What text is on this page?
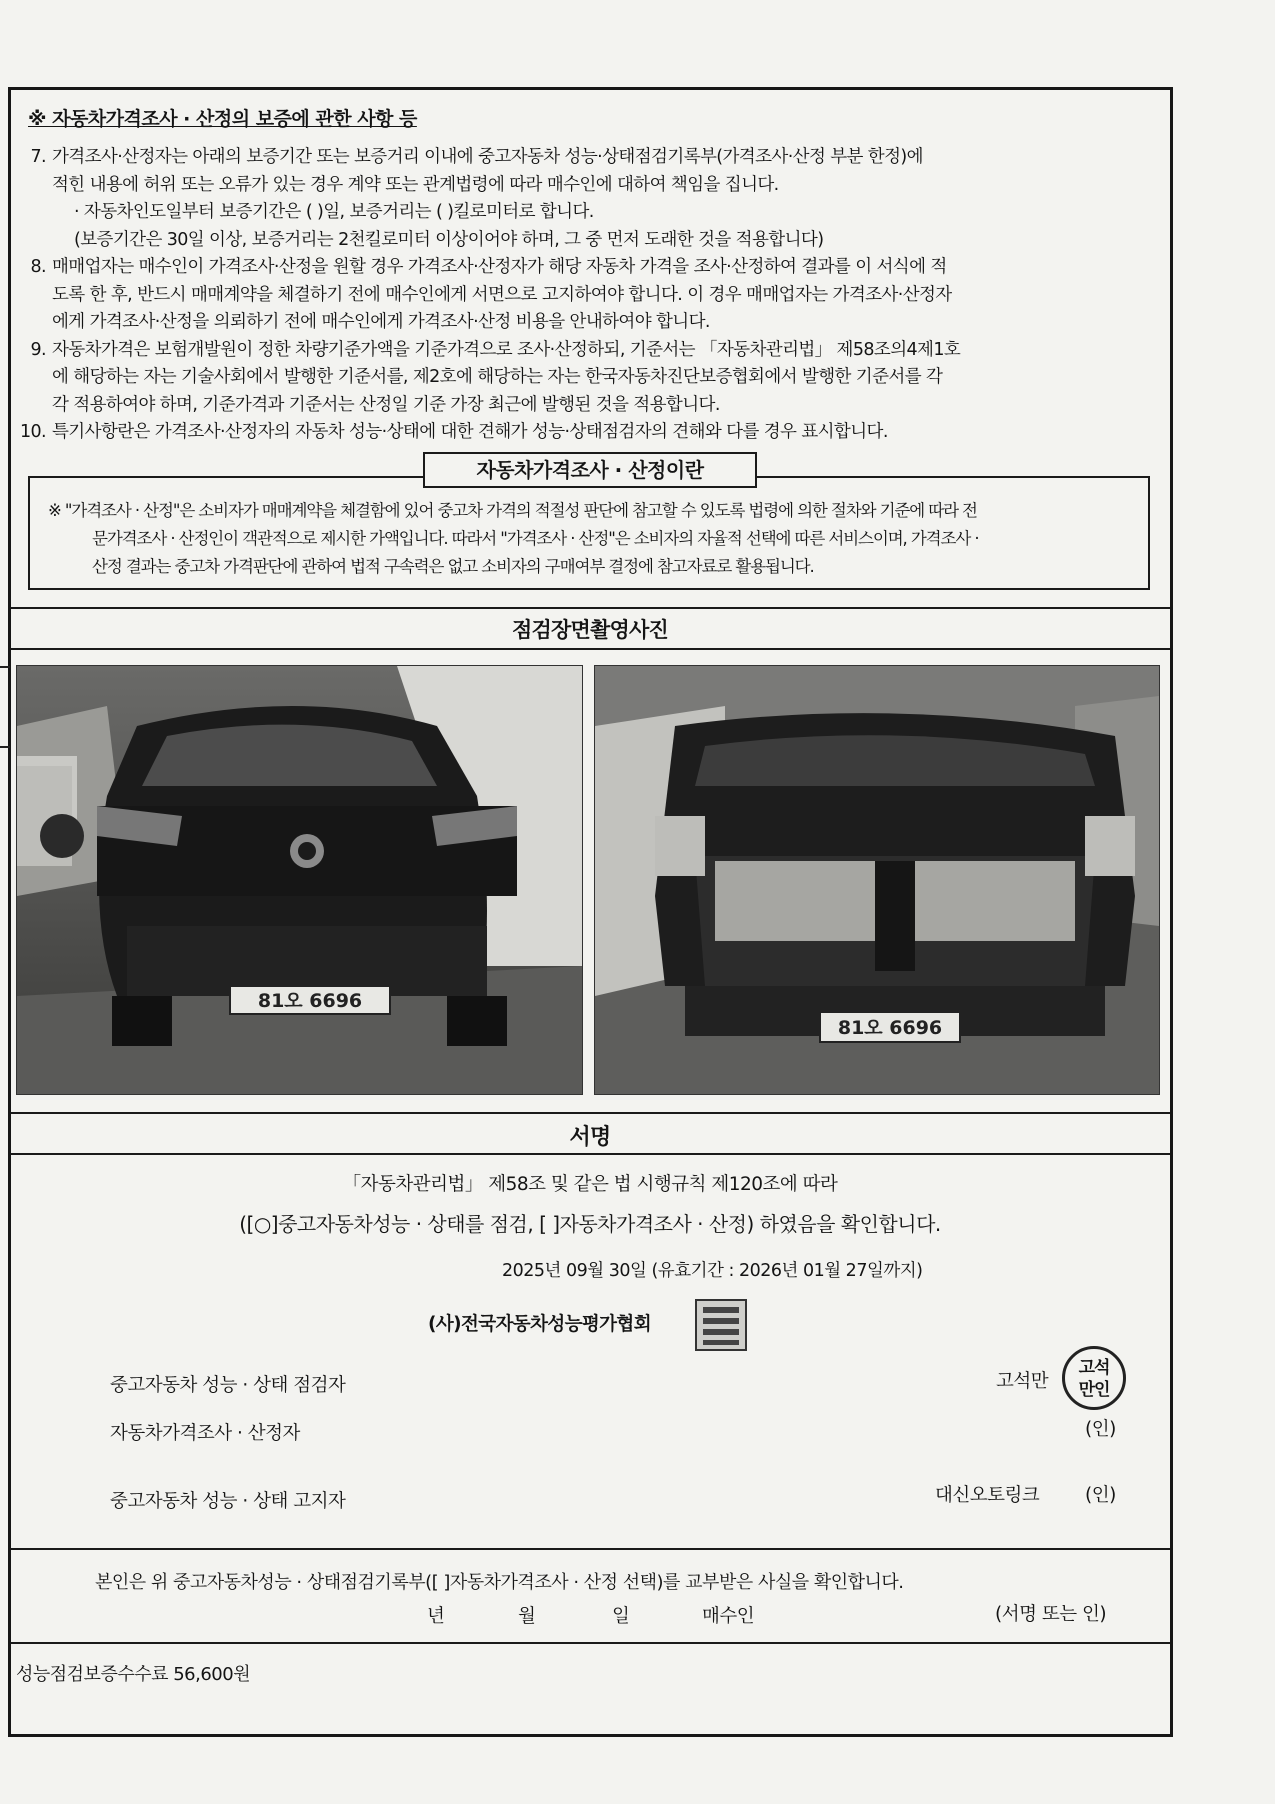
※ 자동차가격조사 · 산정의 보증에 관한 사항 등
7. 가격조사·산정자는 아래의 보증기간 또는 보증거리 이내에 중고자동차 성능·상태점검기록부(가격조사·산정 부분 한정)에
적힌 내용에 허위 또는 오류가 있는 경우 계약 또는 관계법령에 따라 매수인에 대하여 책임을 집니다.
· 자동차인도일부터 보증기간은 ( )일, 보증거리는 ( )킬로미터로 합니다.
(보증기간은 30일 이상, 보증거리는 2천킬로미터 이상이어야 하며, 그 중 먼저 도래한 것을 적용합니다)
8. 매매업자는 매수인이 가격조사·산정을 원할 경우 가격조사·산정자가 해당 자동차 가격을 조사·산정하여 결과를 이 서식에 적
도록 한 후, 반드시 매매계약을 체결하기 전에 매수인에게 서면으로 고지하여야 합니다. 이 경우 매매업자는 가격조사·산정자
에게 가격조사·산정을 의뢰하기 전에 매수인에게 가격조사·산정 비용을 안내하여야 합니다.
9. 자동차가격은 보험개발원이 정한 차량기준가액을 기준가격으로 조사·산정하되, 기준서는 「자동차관리법」 제58조의4제1호
에 해당하는 자는 기술사회에서 발행한 기준서를, 제2호에 해당하는 자는 한국자동차진단보증협회에서 발행한 기준서를 각
각 적용하여야 하며, 기준가격과 기준서는 산정일 기준 가장 최근에 발행된 것을 적용합니다.
10. 특기사항란은 가격조사·산정자의 자동차 성능·상태에 대한 견해가 성능·상태점검자의 견해와 다를 경우 표시합니다.
자동차가격조사 · 산정이란
※ "가격조사 · 산정"은 소비자가 매매계약을 체결함에 있어 중고차 가격의 적절성 판단에 참고할 수 있도록 법령에 의한 절차와 기준에 따라 전
문가격조사 · 산정인이 객관적으로 제시한 가액입니다. 따라서 "가격조사 · 산정"은 소비자의 자율적 선택에 따른 서비스이며, 가격조사 ·
산정 결과는 중고차 가격판단에 관하여 법적 구속력은 없고 소비자의 구매여부 결정에 참고자료로 활용됩니다.
점검장면촬영사진
81오 6696
81오 6696
서명
「자동차관리법」 제58조 및 같은 법 시행규칙 제120조에 따라
([○]중고자동차성능 · 상태를 점검, [ ]자동차가격조사 · 산정) 하였음을 확인합니다.
2025년 09월 30일 (유효기간 : 2026년 01월 27일까지)
(사)전국자동차성능평가협회
중고자동차 성능 · 상태 점검자	고석만
고석
만인
자동차가격조사 · 산정자	(인)
중고자동차 성능 · 상태 고지자	대신오토링크 (인)
본인은 위 중고자동차성능 · 상태점검기록부([ ]자동차가격조사 · 산정 선택)를 교부받은 사실을 확인합니다.
년	월	일	매수인	(서명 또는 인)
성능점검보증수수료 56,600원
